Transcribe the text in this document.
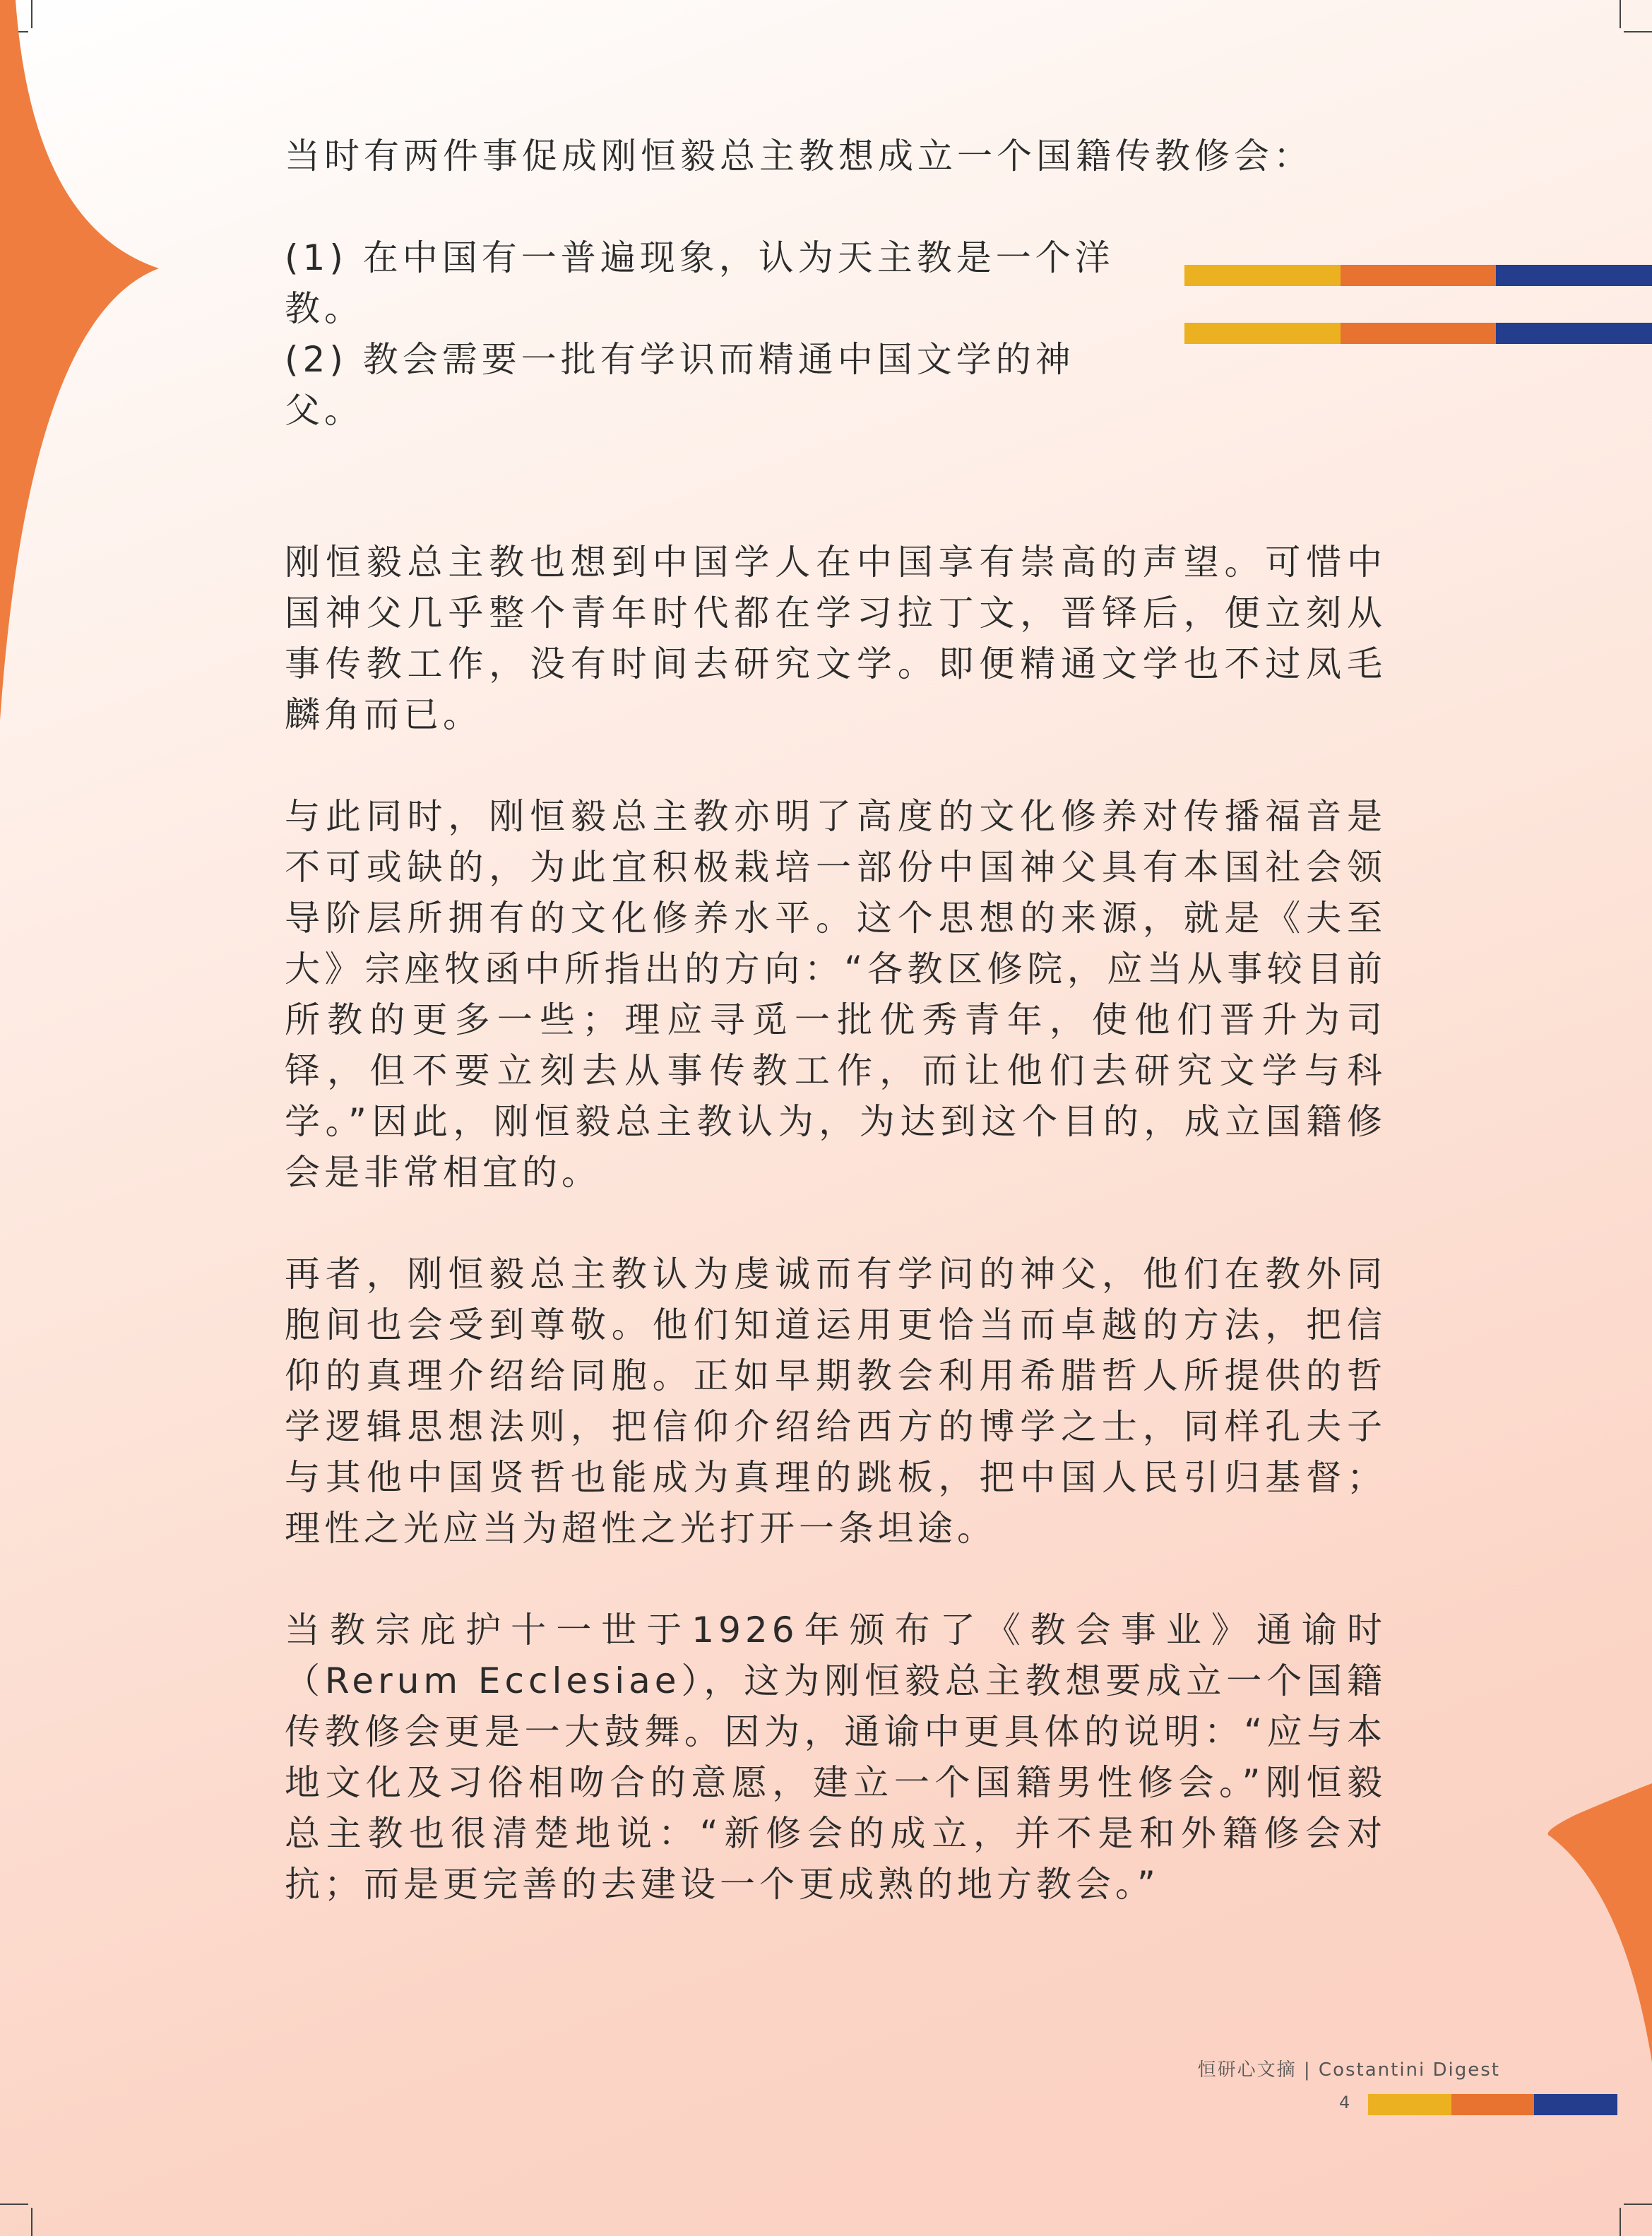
当时有两件事促成刚恒毅总主教想成立一个国籍传教修会：

(1) 在中国有一普遍现象，认为天主教是一个洋教。

(2) 教会需要一批有学识而精通中国文学的神父。

刚恒毅总主教也想到中国学人在中国享有崇高的声望。可惜中国神父几乎整个青年时代都在学习拉丁文，晋铎后，便立刻从事传教工作，没有时间去研究文学。即便精通文学也不过凤毛麟角而已。

与此同时，刚恒毅总主教亦明了高度的文化修养对传播福音是不可或缺的，为此宜积极栽培一部份中国神父具有本国社会领导阶层所拥有的文化修养水平。这个思想的来源，就是《夫至大》宗座牧函中所指出的方向：“各教区修院，应当从事较目前所教的更多一些；理应寻觅一批优秀青年，使他们晋升为司铎，但不要立刻去从事传教工作，而让他们去研究文学与科学。”因此，刚恒毅总主教认为，为达到这个目的，成立国籍修会是非常相宜的。

再者，刚恒毅总主教认为虔诚而有学问的神父，他们在教外同胞间也会受到尊敬。他们知道运用更恰当而卓越的方法，把信仰的真理介绍给同胞。正如早期教会利用希腊哲人所提供的哲学逻辑思想法则，把信仰介绍给西方的博学之士，同样孔夫子与其他中国贤哲也能成为真理的跳板，把中国人民引归基督；理性之光应当为超性之光打开一条坦途。

当教宗庇护十一世于1926年颁布了《教会事业》通谕时（Rerum Ecclesiae），这为刚恒毅总主教想要成立一个国籍传教修会更是一大鼓舞。因为，通谕中更具体的说明：“应与本地文化及习俗相吻合的意愿，建立一个国籍男性修会。”刚恒毅总主教也很清楚地说：“新修会的成立，并不是和外籍修会对抗；而是更完善的去建设一个更成熟的地方教会。”

恒研心文摘 | Costantini Digest
4
